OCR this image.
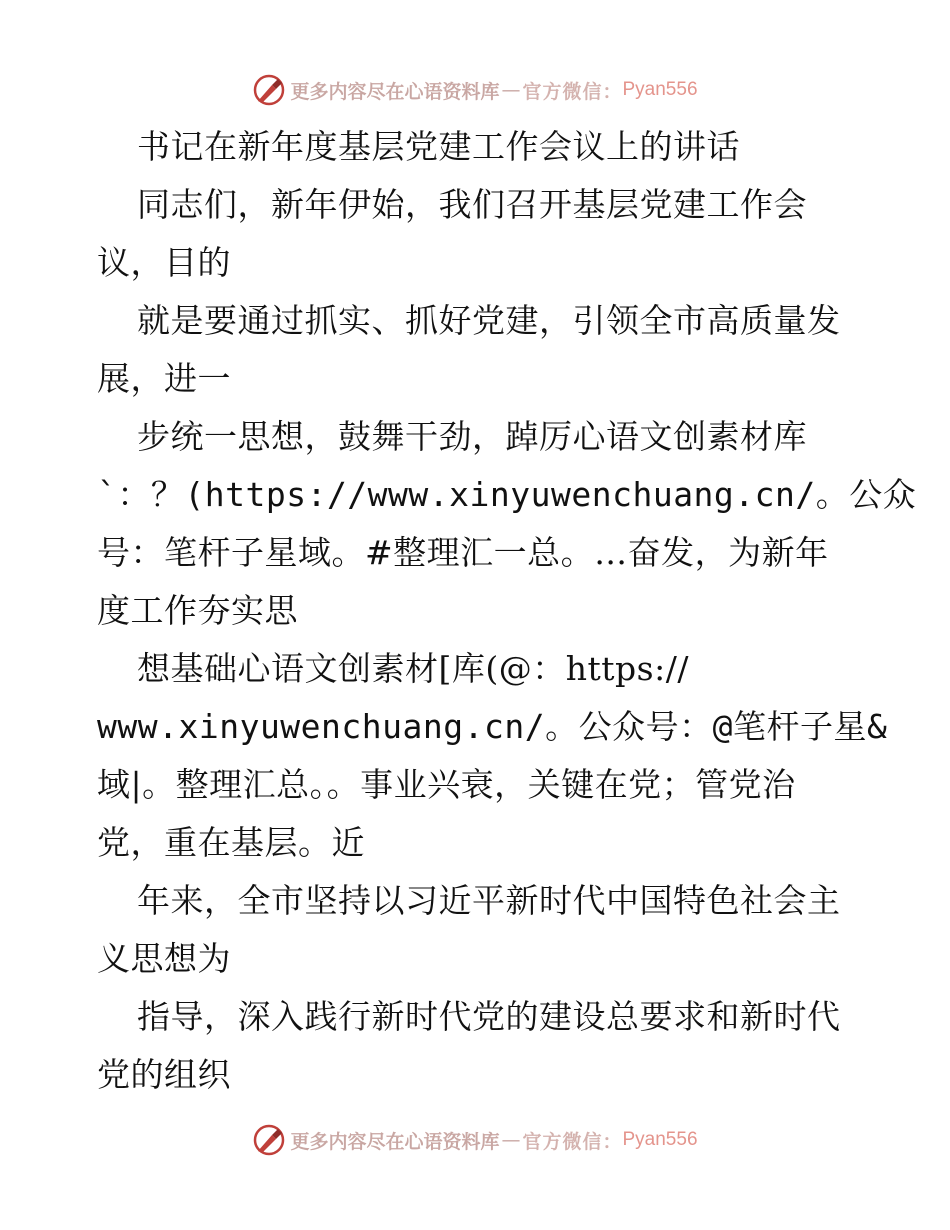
更多内容尽在心语资料库 — 官方微信： Pyan556
书记在新年度基层党建工作会议上的讲话
同志们，新年伊始，我们召开基层党建工作会
议，目的
就是要通过抓实、抓好党建，引领全市高质量发
展，进一
步统一思想，鼓舞干劲，踔厉心语文创素材库
`：？(https://www.xinyuwenchuang.cn/。公众
号：笔杆子星域。#整理汇一总。…奋发，为新年
度工作夯实思
想基础心语文创素材[库(@：https://
www.xinyuwenchuang.cn/。公众号：@笔杆子星&
域|。整理汇总。。事业兴衰，关键在党；管党治
党，重在基层。近
年来，全市坚持以习近平新时代中国特色社会主
义思想为
指导，深入践行新时代党的建设总要求和新时代
党的组织
更多内容尽在心语资料库 — 官方微信： Pyan556
